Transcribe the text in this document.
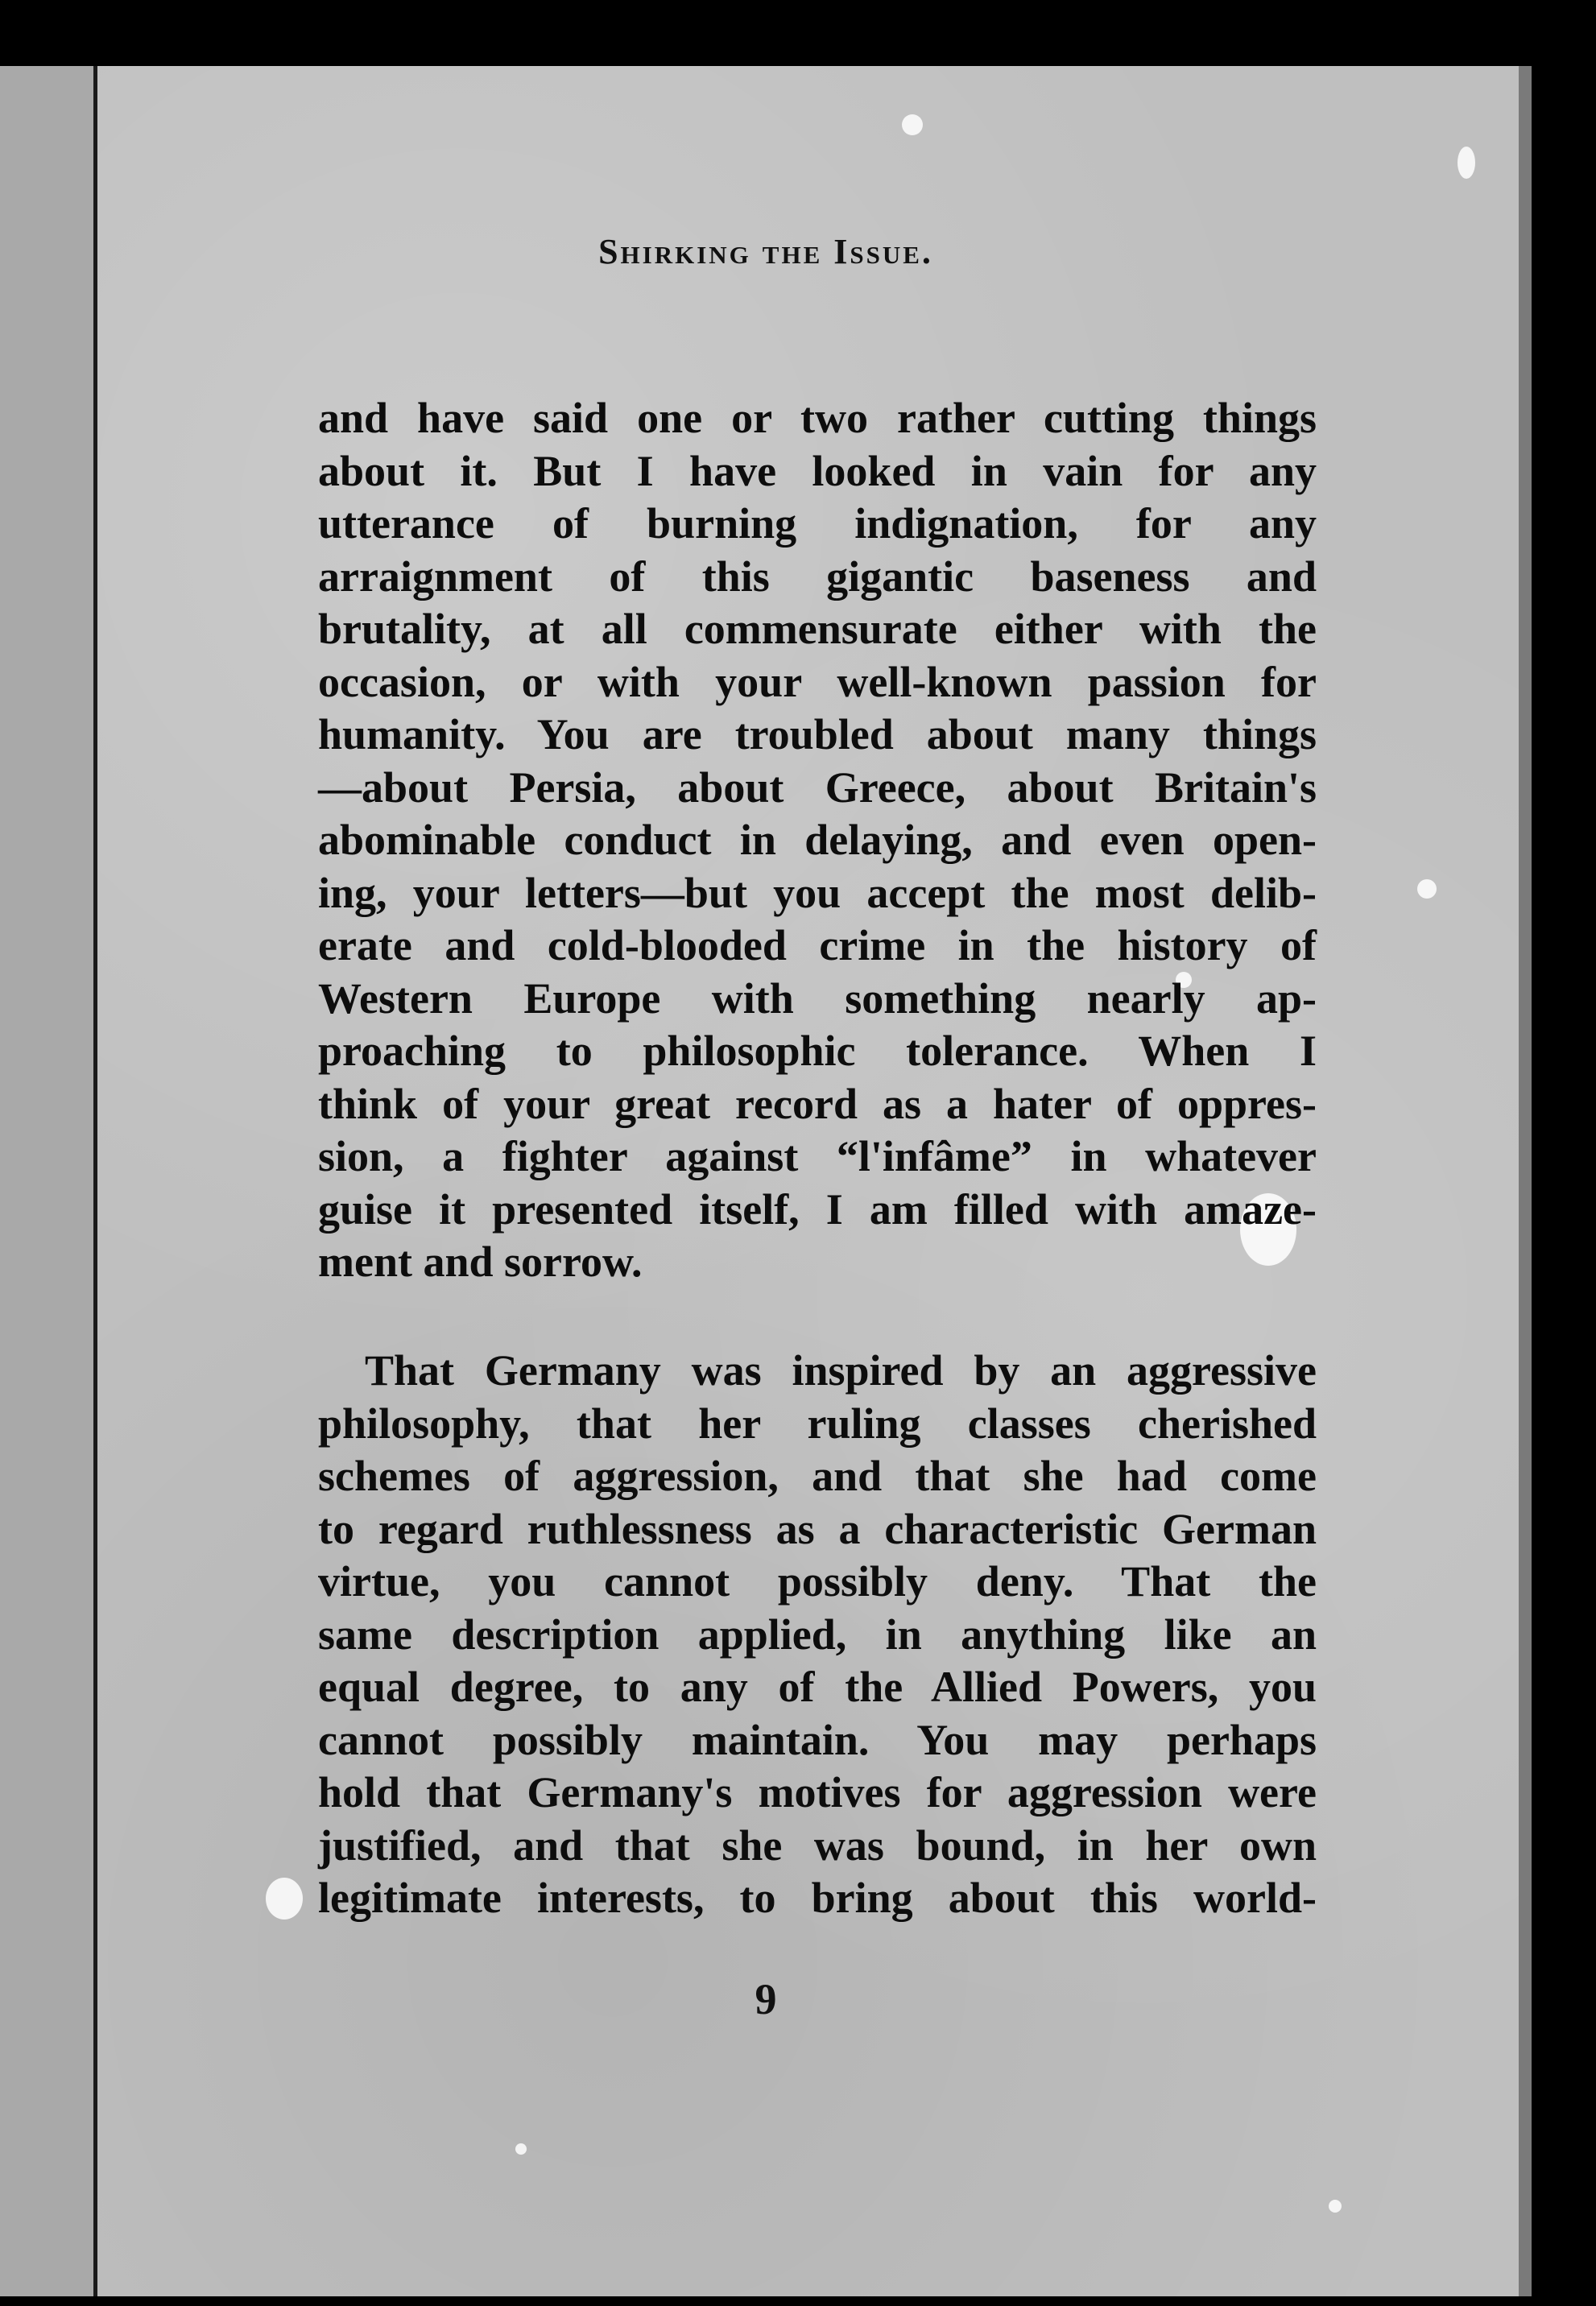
Shirking the Issue.
and have said one or two rather cutting things
about it. But I have looked in vain for any
utterance of burning indignation, for any
arraignment of this gigantic baseness and
brutality, at all commensurate either with the
occasion, or with your well-known passion for
humanity. You are troubled about many things
—about Persia, about Greece, about Britain's
abominable conduct in delaying, and even open-
ing, your letters—but you accept the most delib-
erate and cold-blooded crime in the history of
Western Europe with something nearly ap-
proaching to philosophic tolerance. When I
think of your great record as a hater of oppres-
sion, a fighter against “l'infâme” in whatever
guise it presented itself, I am filled with amaze-
ment and sorrow.
That Germany was inspired by an aggressive
philosophy, that her ruling classes cherished
schemes of aggression, and that she had come
to regard ruthlessness as a characteristic German
virtue, you cannot possibly deny. That the
same description applied, in anything like an
equal degree, to any of the Allied Powers, you
cannot possibly maintain. You may perhaps
hold that Germany's motives for aggression were
justified, and that she was bound, in her own
legitimate interests, to bring about this world-
9
